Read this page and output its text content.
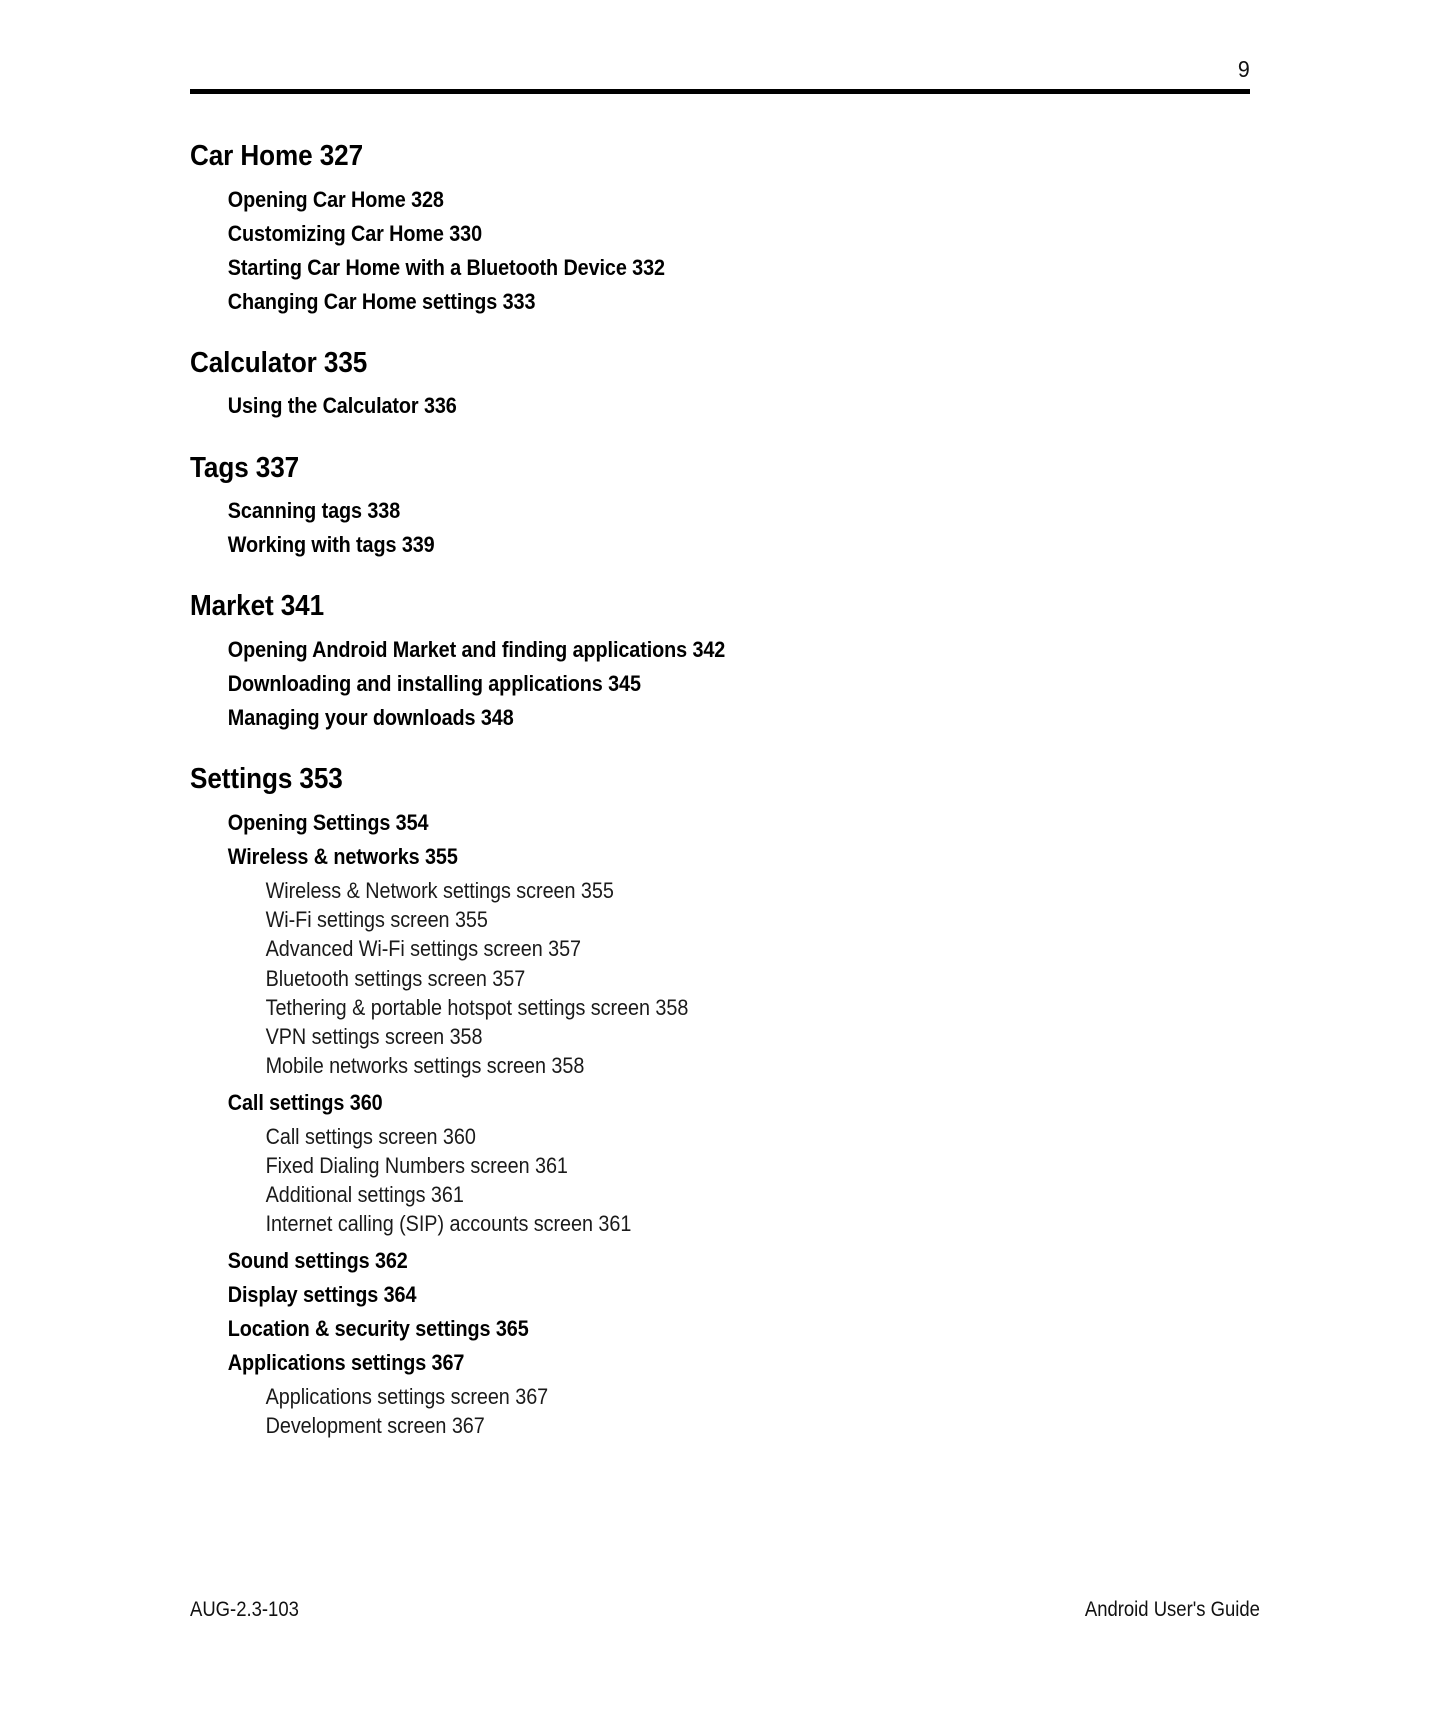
9
Car Home 327
Opening Car Home 328
Customizing Car Home 330
Starting Car Home with a Bluetooth Device 332
Changing Car Home settings 333
Calculator 335
Using the Calculator 336
Tags 337
Scanning tags 338
Working with tags 339
Market 341
Opening Android Market and finding applications 342
Downloading and installing applications 345
Managing your downloads 348
Settings 353
Opening Settings 354
Wireless & networks 355
Wireless & Network settings screen 355
Wi-Fi settings screen 355
Advanced Wi-Fi settings screen 357
Bluetooth settings screen 357
Tethering & portable hotspot settings screen 358
VPN settings screen 358
Mobile networks settings screen 358
Call settings 360
Call settings screen 360
Fixed Dialing Numbers screen 361
Additional settings 361
Internet calling (SIP) accounts screen 361
Sound settings 362
Display settings 364
Location & security settings 365
Applications settings 367
Applications settings screen 367
Development screen 367
AUG-2.3-103	Android User's Guide
